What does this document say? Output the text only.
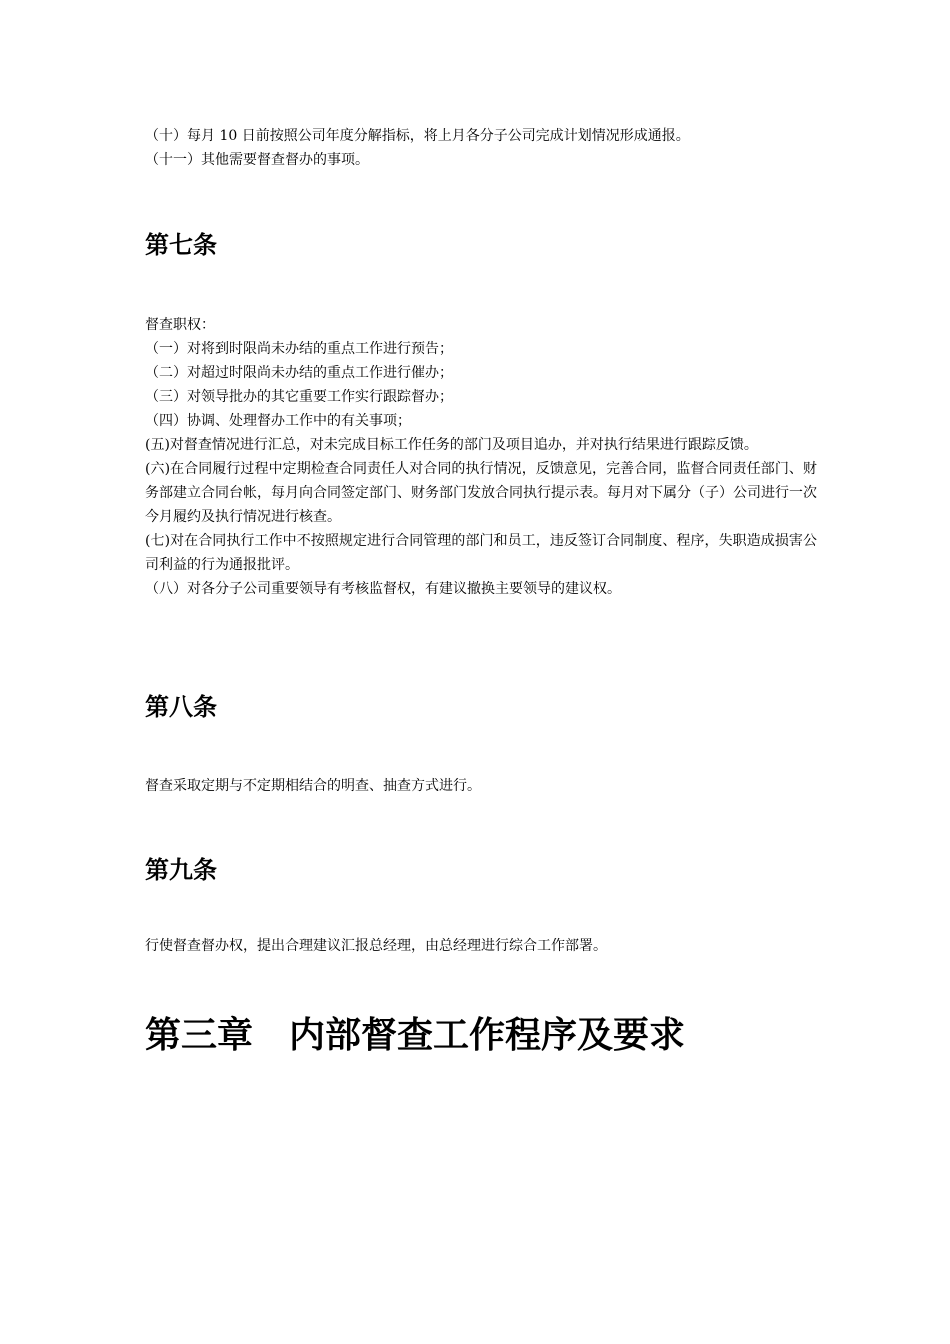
（十）每月 10 日前按照公司年度分解指标，将上月各分子公司完成计划情况形成通报。
（十一）其他需要督查督办的事项。
第七条
督查职权：
（一）对将到时限尚未办结的重点工作进行预告；
（二）对超过时限尚未办结的重点工作进行催办；
（三）对领导批办的其它重要工作实行跟踪督办；
（四）协调、处理督办工作中的有关事项；
(五)对督查情况进行汇总，对未完成目标工作任务的部门及项目追办，并对执行结果进行跟踪反馈。
(六)在合同履行过程中定期检查合同责任人对合同的执行情况，反馈意见，完善合同，监督合同责任部门、财务部建立合同台帐，每月向合同签定部门、财务部门发放合同执行提示表。每月对下属分（子）公司进行一次今月履约及执行情况进行核查。
(七)对在合同执行工作中不按照规定进行合同管理的部门和员工，违反签订合同制度、程序，失职造成损害公司利益的行为通报批评。
（八）对各分子公司重要领导有考核监督权，有建议撤换主要领导的建议权。
第八条
督查采取定期与不定期相结合的明查、抽查方式进行。
第九条
行使督查督办权，提出合理建议汇报总经理，由总经理进行综合工作部署。
第三章　内部督查工作程序及要求
